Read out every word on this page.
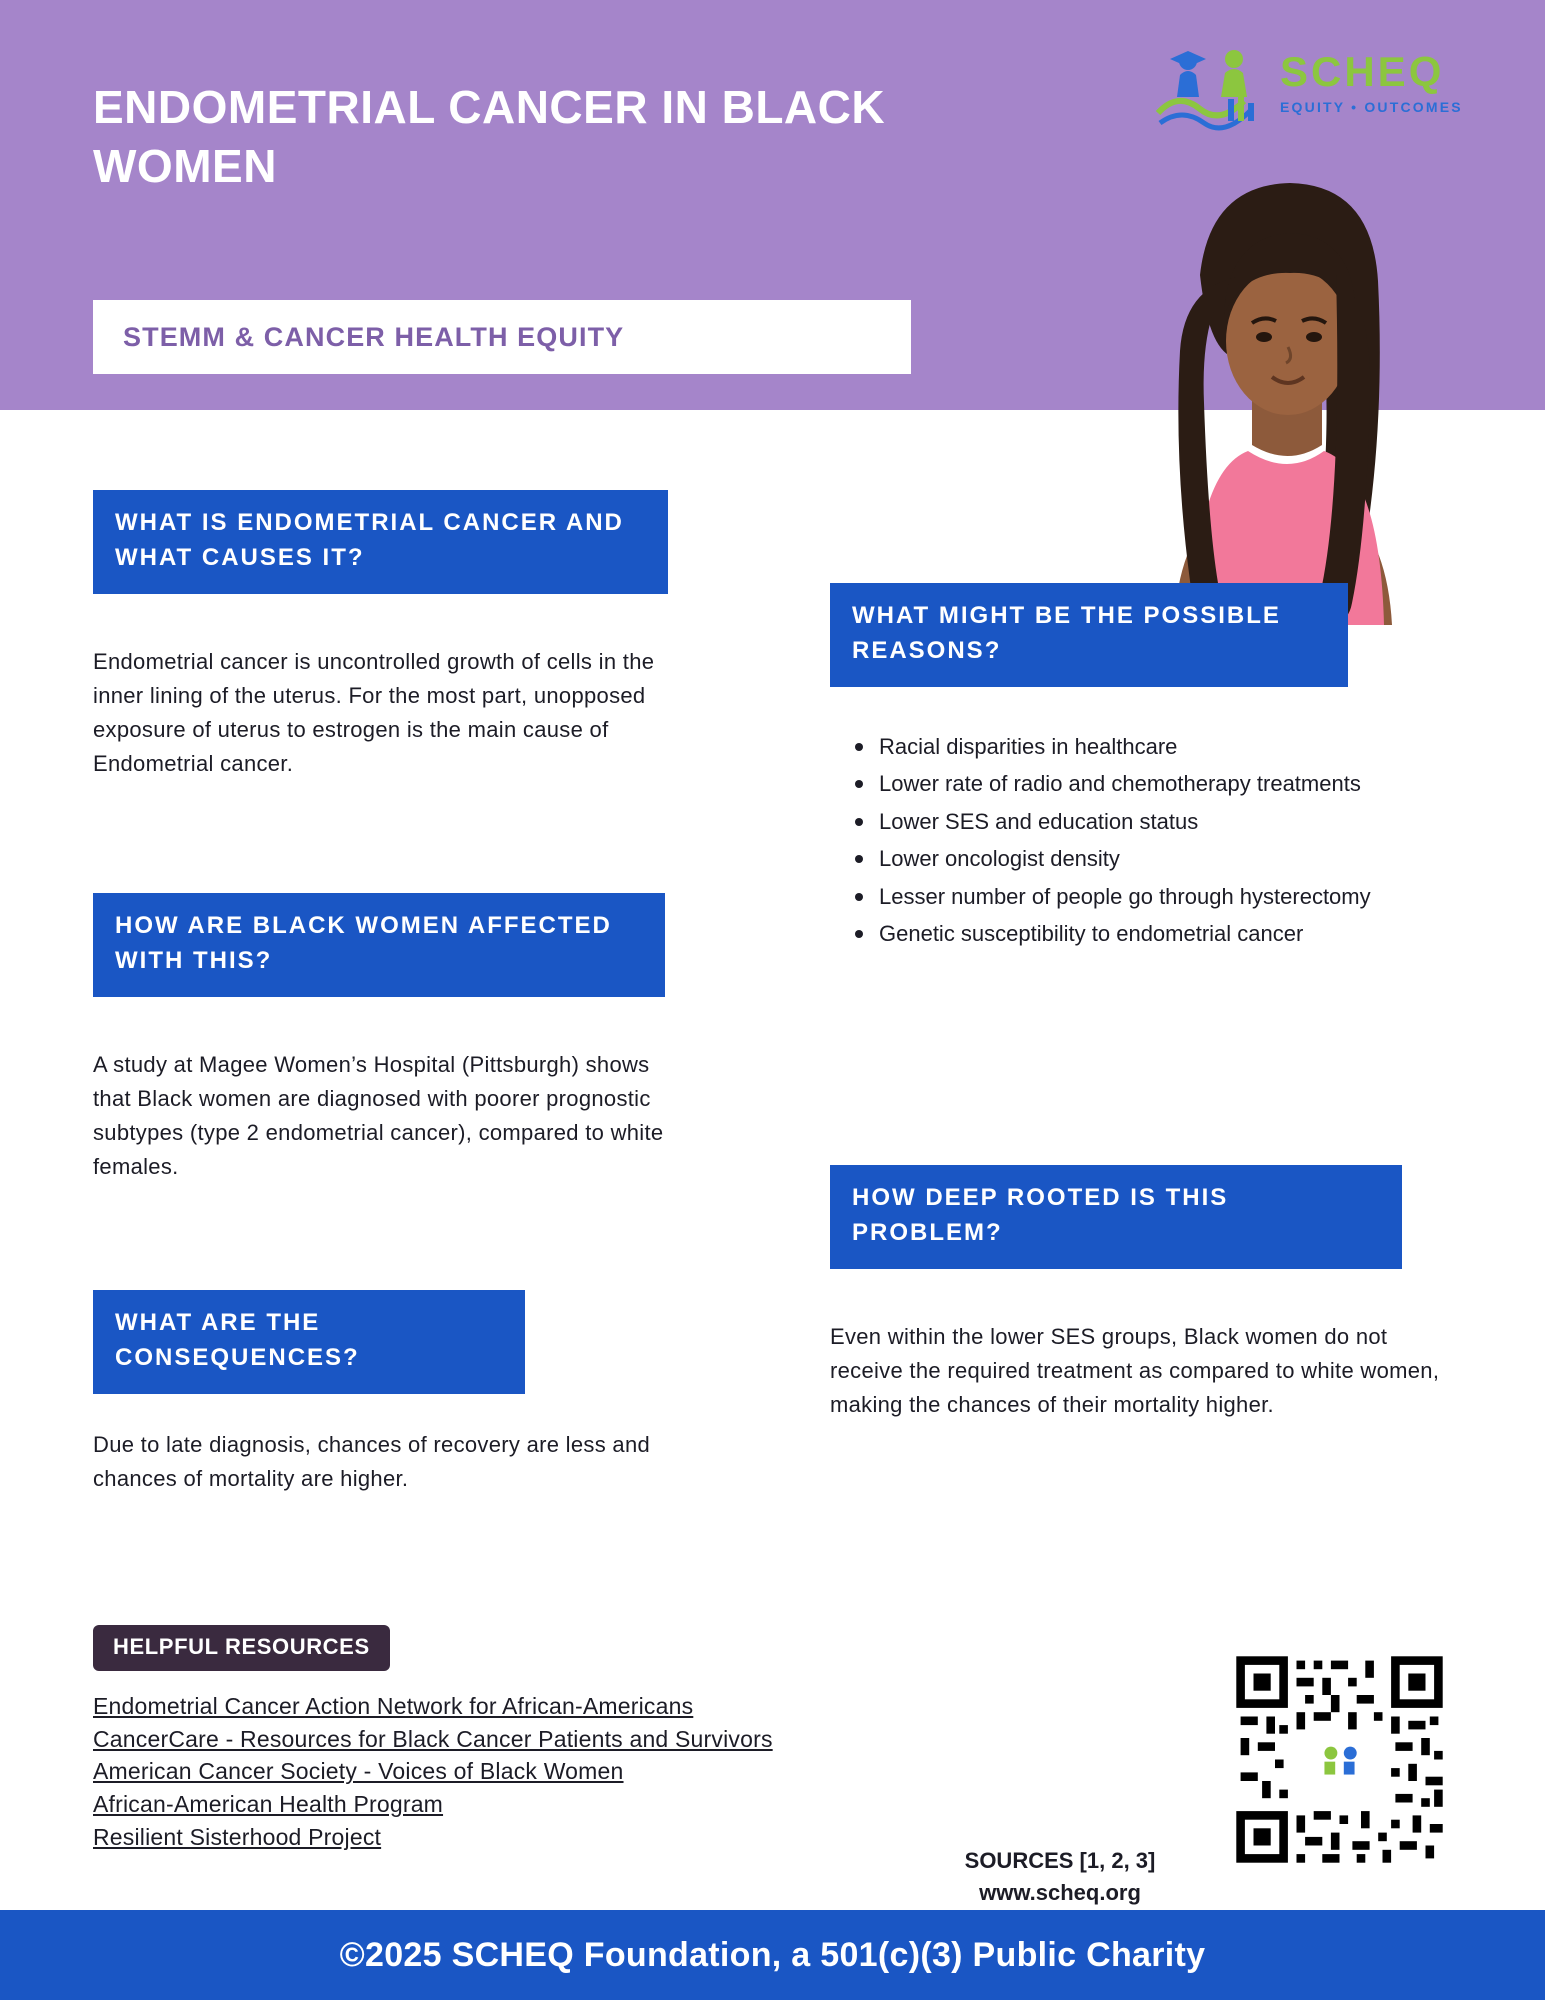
ENDOMETRIAL CANCER IN BLACK WOMEN
STEMM & CANCER HEALTH EQUITY
SCHEQ
EQUITY • OUTCOMES
WHAT IS ENDOMETRIAL CANCER AND WHAT CAUSES IT?
Endometrial cancer is uncontrolled growth of cells in the inner lining of the uterus. For the most part, unopposed exposure of uterus to estrogen is the main cause of Endometrial cancer.
HOW ARE BLACK WOMEN AFFECTED WITH THIS?
A study at Magee Women’s Hospital (Pittsburgh) shows that Black women are diagnosed with poorer prognostic subtypes (type 2 endometrial cancer), compared to white females.
WHAT ARE THE CONSEQUENCES?
Due to late diagnosis, chances of recovery are less and chances of mortality are higher.
WHAT MIGHT BE THE POSSIBLE REASONS?
Racial disparities in healthcare
Lower rate of radio and chemotherapy treatments
Lower SES and education status
Lower oncologist density
Lesser number of people go through hysterectomy
Genetic susceptibility to endometrial cancer
HOW DEEP ROOTED IS THIS PROBLEM?
Even within the lower SES groups, Black women do not receive the required treatment as compared to white women, making the chances of their mortality higher.
HELPFUL RESOURCES
Endometrial Cancer Action Network for African-Americans
CancerCare - Resources for Black Cancer Patients and Survivors
American Cancer Society - Voices of Black Women
African-American Health Program
Resilient Sisterhood Project
SOURCES [1, 2, 3]
www.scheq.org
©2025 SCHEQ Foundation, a 501(c)(3) Public Charity
